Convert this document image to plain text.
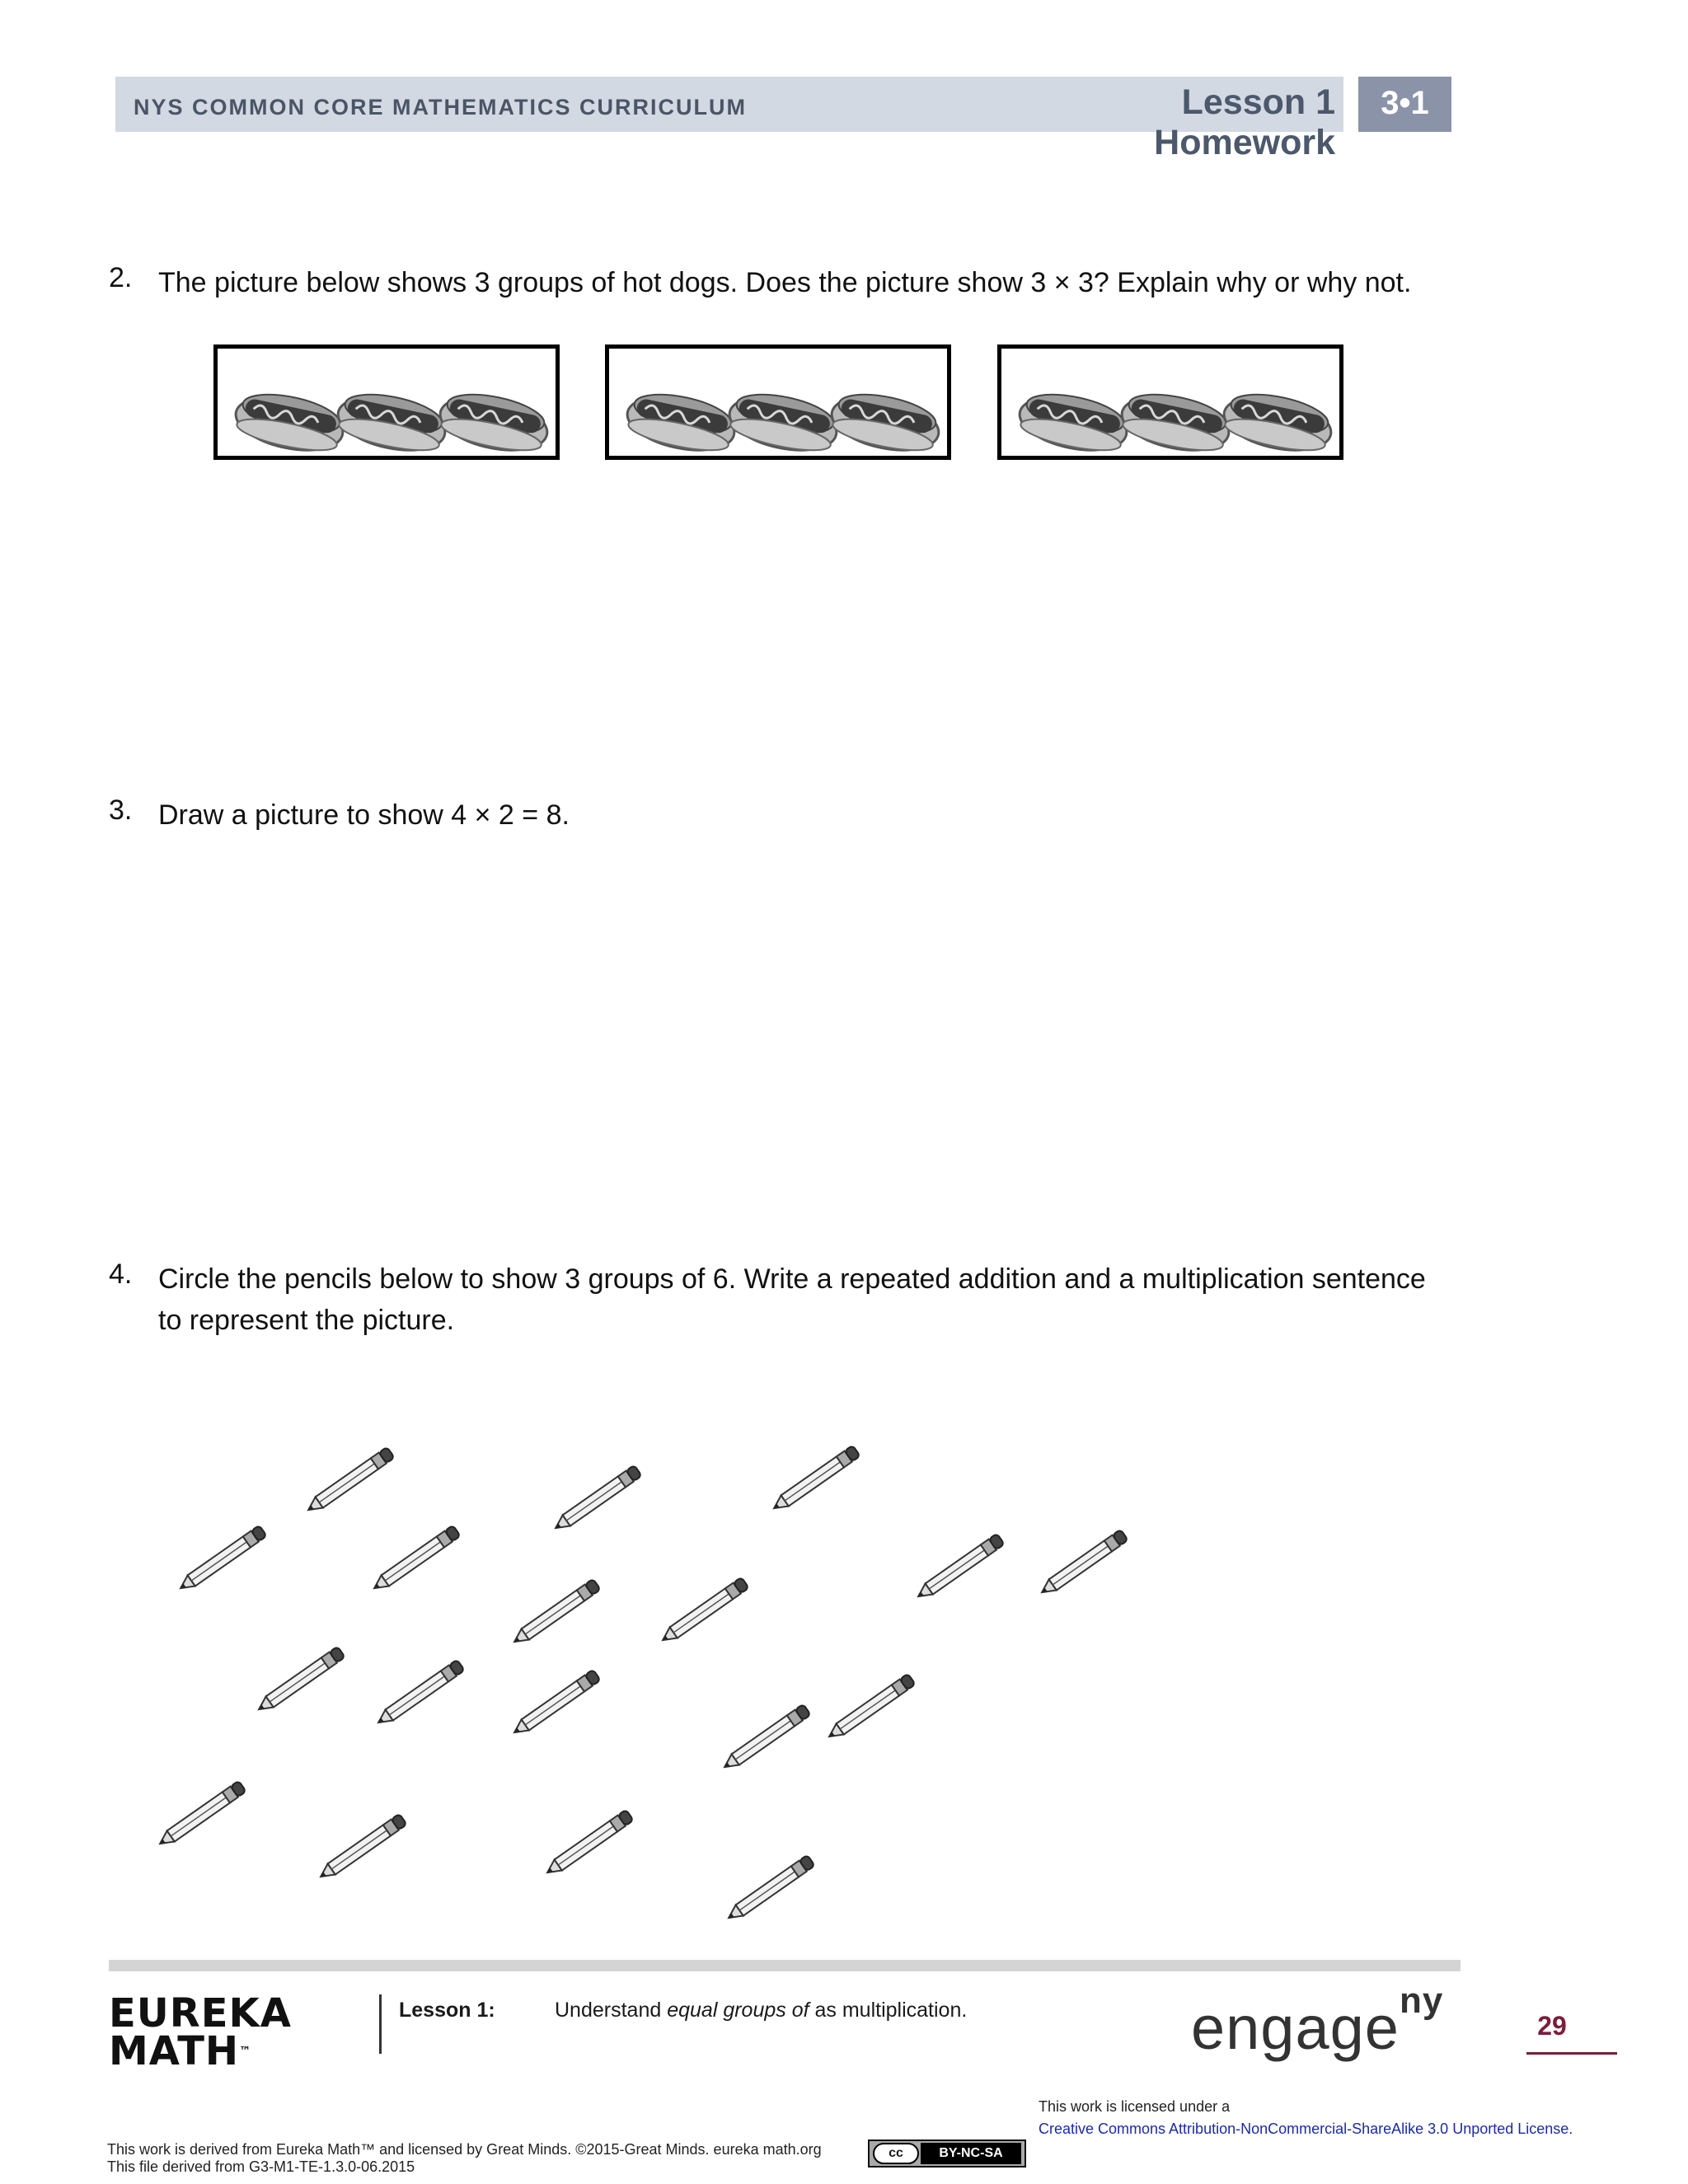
NYS COMMON CORE MATHEMATICS CURRICULUM	Lesson 1 Homework
3•1
2. The picture below shows 3 groups of hot dogs. Does the picture show 3 × 3? Explain why or why not.
3. Draw a picture to show 4 × 2 = 8.
4. Circle the pencils below to show 3 groups of 6. Write a repeated addition and a multiplication sentence to represent the picture.
EUREKA
MATH™
Lesson 1:	Understand equal groups of as multiplication.	engage$^{ny}$
29
This work is derived from Eureka Math™ and licensed by Great Minds. ©2015-Great Minds. eureka math.org
This file derived from G3-M1-TE-1.3.0-06.2015
cc	BY-NC-SA
This work is licensed under a
Creative Commons Attribution-NonCommercial-ShareAlike 3.0 Unported License.
